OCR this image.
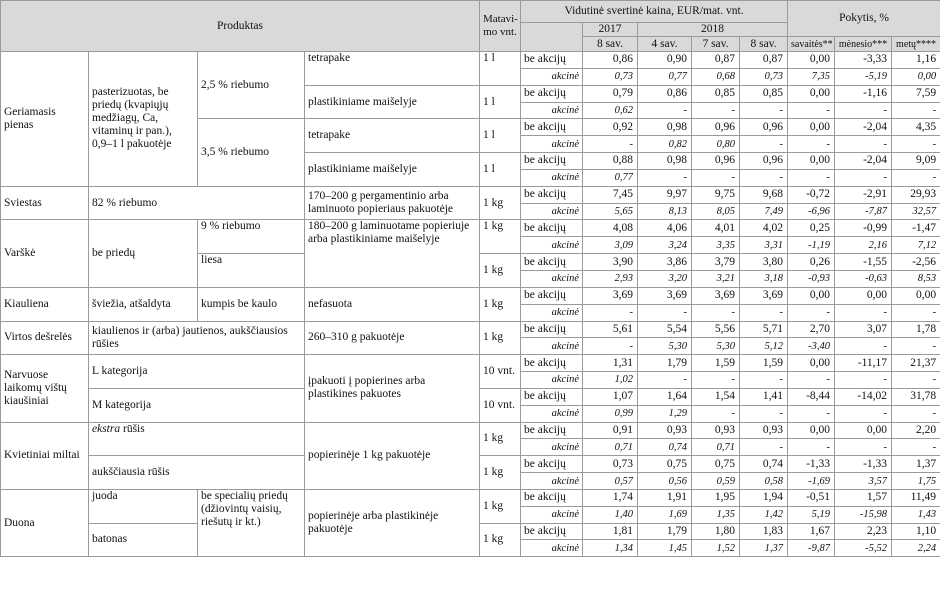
Produktas				Matavi-mo vnt.	Vidutinė svertinė kaina, EUR/mat. vnt.					Pokytis, %		
						2017	2018					
						8 sav.	4 sav.	7 sav.	8 sav.	savaitės**	mėnesio***	metų****
Geriamasis pienas	pasterizuotas, be priedų (kvapiųjų medžiagų, Ca, vitaminų ir pan.), 0,9–1 l pakuotėje	2,5 % riebumo	tetrapake	1 l	be akcijų	0,86	0,90	0,87	0,87	0,00	-3,33	1,16
					akcinė	0,73	0,77	0,68	0,73	7,35	-5,19	0,00
			plastikiniame maišelyje	1 l	be akcijų	0,79	0,86	0,85	0,85	0,00	-1,16	7,59
					akcinė	0,62	-	-	-	-	-	-
		3,5 % riebumo	tetrapake	1 l	be akcijų	0,92	0,98	0,96	0,96	0,00	-2,04	4,35
					akcinė	-	0,82	0,80	-	-	-	-
			plastikiniame maišelyje	1 l	be akcijų	0,88	0,98	0,96	0,96	0,00	-2,04	9,09
					akcinė	0,77	-	-	-	-	-	-
Sviestas	82 % riebumo		170–200 g pergamentinio arba laminuoto popieriaus pakuotėje	1 kg	be akcijų	7,45	9,97	9,75	9,68	-0,72	-2,91	29,93
					akcinė	5,65	8,13	8,05	7,49	-6,96	-7,87	32,57
Varškė	be priedų	9 % riebumo	180–200 g laminuotame popieriuje arba plastikiniame maišelyje	1 kg	be akcijų	4,08	4,06	4,01	4,02	0,25	-0,99	-1,47
					akcinė	3,09	3,24	3,35	3,31	-1,19	2,16	7,12
		liesa		1 kg	be akcijų	3,90	3,86	3,79	3,80	0,26	-1,55	-2,56
					akcinė	2,93	3,20	3,21	3,18	-0,93	-0,63	8,53
Kiauliena	šviežia, atšaldyta	kumpis be kaulo	nefasuota	1 kg	be akcijų	3,69	3,69	3,69	3,69	0,00	0,00	0,00
					akcinė	-	-	-	-	-	-	-
Virtos dešrelės	kiaulienos ir (arba) jautienos, aukščiausios rūšies		260–310 g pakuotėje	1 kg	be akcijų	5,61	5,54	5,56	5,71	2,70	3,07	1,78
					akcinė	-	5,30	5,30	5,12	-3,40	-	-
Narvuose laikomų vištų kiaušiniai	L kategorija		įpakuoti į popierines arba plastikines pakuotes	10 vnt.	be akcijų	1,31	1,79	1,59	1,59	0,00	-11,17	21,37
					akcinė	1,02	-	-	-	-	-	-
	M kategorija			10 vnt.	be akcijų	1,07	1,64	1,54	1,41	-8,44	-14,02	31,78
					akcinė	0,99	1,29	-	-	-	-	-
Kvietiniai miltai	ekstra rūšis		popierinėje 1 kg pakuotėje	1 kg	be akcijų	0,91	0,93	0,93	0,93	0,00	0,00	2,20
					akcinė	0,71	0,74	0,71	-	-	-	-
	aukščiausia rūšis			1 kg	be akcijų	0,73	0,75	0,75	0,74	-1,33	-1,33	1,37
					akcinė	0,57	0,56	0,59	0,58	-1,69	3,57	1,75
Duona	juoda	be specialių priedų (džiovintų vaisių, riešutų ir kt.)	popierinėje arba plastikinėje pakuotėje	1 kg	be akcijų	1,74	1,91	1,95	1,94	-0,51	1,57	11,49
					akcinė	1,40	1,69	1,35	1,42	5,19	-15,98	1,43
	batonas			1 kg	be akcijų	1,81	1,79	1,80	1,83	1,67	2,23	1,10
					akcinė	1,34	1,45	1,52	1,37	-9,87	-5,52	2,24
